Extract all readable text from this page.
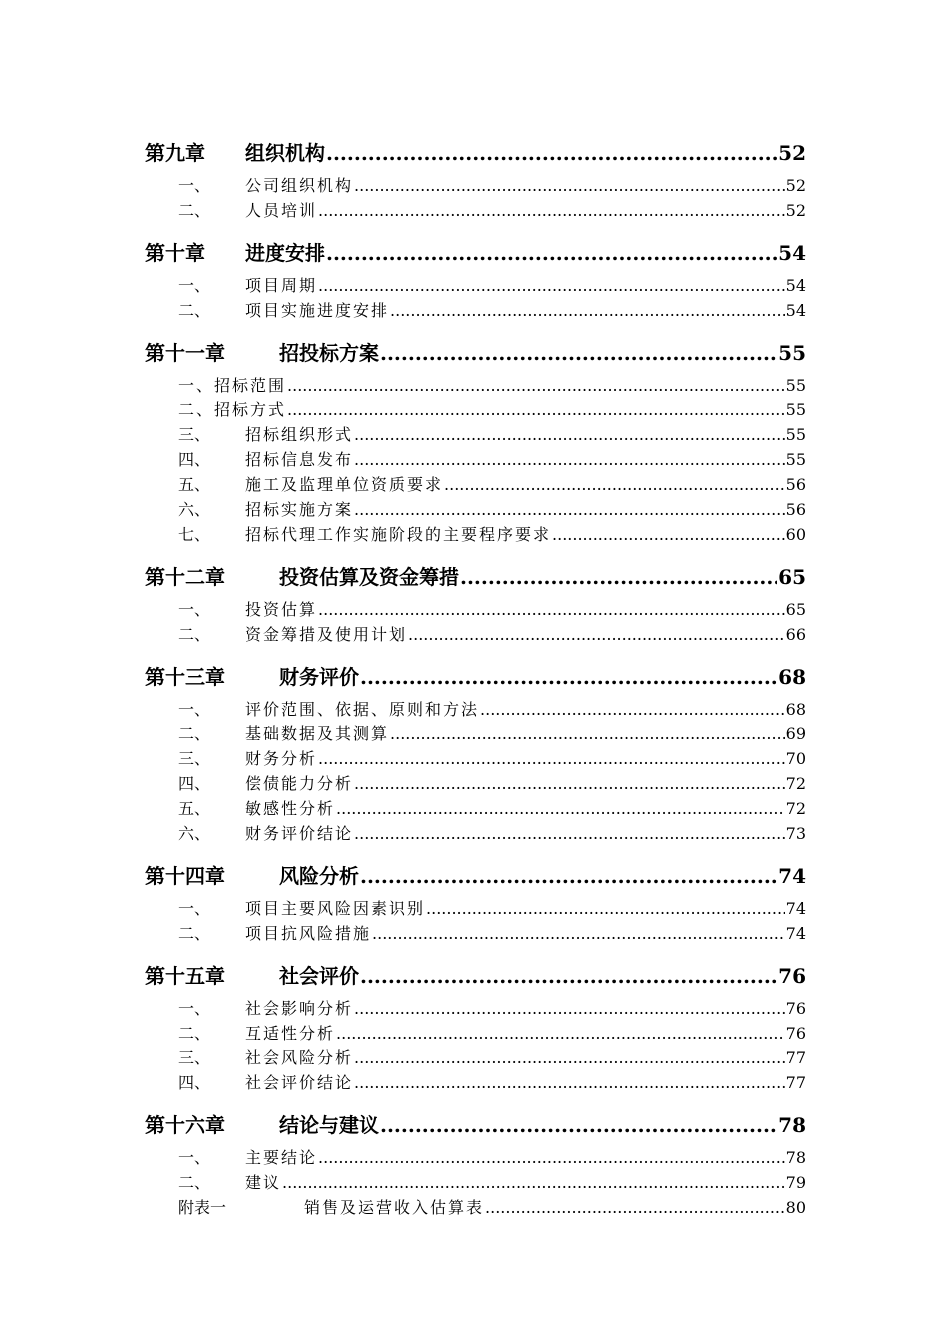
第九章	组织机构 .....	52
一、	公司组织机构 .....	52
二、	人员培训 .....	52
第十章	进度安排 .....	54
一、	项目周期 .....	54
二、	项目实施进度安排 .....	54
第十一章	招投标方案 .....	55
一、 招标范围 .....	55
二、 招标方式 .....	55
三、	招标组织形式 .....	55
四、	招标信息发布 .....	55
五、	施工及监理单位资质要求 .....	56
六、	招标实施方案 .....	56
七、	招标代理工作实施阶段的主要程序要求 .....	60
第十二章	投资估算及资金筹措 .....	65
一、	投资估算 .....	65
二、	资金筹措及使用计划 .....	66
第十三章	财务评价 .....	68
一、	评价范围、依据、原则和方法 .....	68
二、	基础数据及其测算 .....	69
三、	财务分析 .....	70
四、	偿债能力分析 .....	72
五、	敏感性分析 .....	72
六、	财务评价结论 .....	73
第十四章	风险分析 .....	74
一、	项目主要风险因素识别 .....	74
二、	项目抗风险措施 .....	74
第十五章	社会评价 .....	76
一、	社会影响分析 .....	76
二、	互适性分析 .....	76
三、	社会风险分析 .....	77
四、	社会评价结论 .....	77
第十六章	结论与建议 .....	78
一、	主要结论 .....	78
二、	建议 .....	79
附表一	销售及运营收入估算表 .....	80
